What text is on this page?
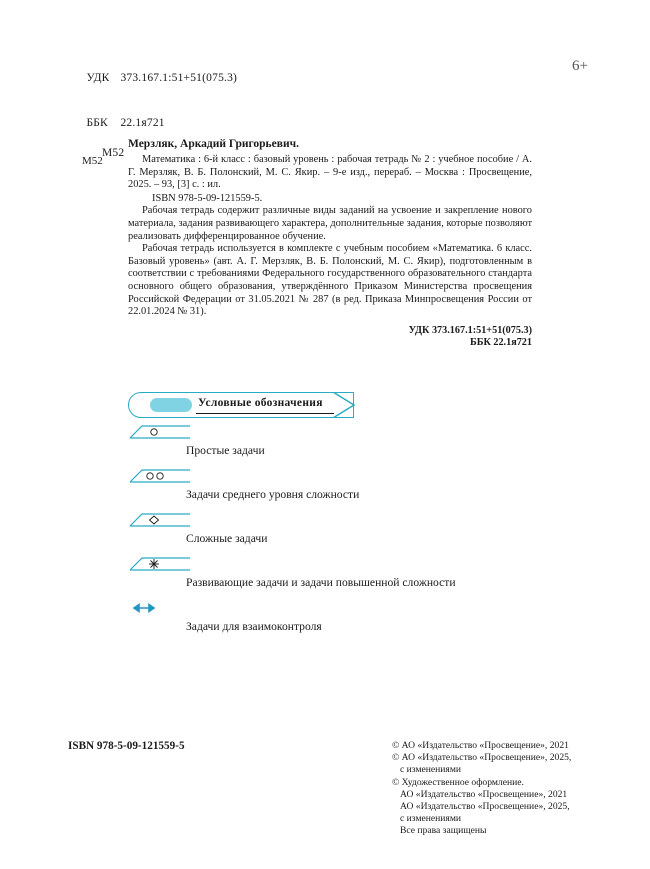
УДК 373.167.1:51+51(075.3)

ББК 22.1я721

М52
6+
М52
Мерзляк, Аркадий Григорьевич.

Математика : 6-й класс : базовый уровень : рабочая тетрадь № 2 : учебное пособие / А. Г. Мерзляк, В. Б. Полонский, М. С. Якир. – 9-е изд., перераб. – Москва : Просвещение, 2025. – 93, [3] с. : ил.

ISBN 978-5-09-121559-5.

Рабочая тетрадь содержит различные виды заданий на усвоение и закрепление нового материала, задания развивающего характера, дополнительные задания, которые позволяют реализовать дифференцированное обучение.

Рабочая тетрадь используется в комплекте с учебным пособием «Математика. 6 класс. Базовый уровень» (авт. А. Г. Мерзляк, В. Б. Полонский, М. С. Якир), подготовленным в соответствии с требованиями Федерального государственного образовательного стандарта основного общего образования, утверждённого Приказом Министерства просвещения Российской Федерации от 31.05.2021 № 287 (в ред. Приказа Минпросвещения России от 22.01.2024 № 31).

УДК 373.167.1:51+51(075.3)
ББК 22.1я721
Условные обозначения
Простые задачи
Задачи среднего уровня сложности
Сложные задачи
Развивающие задачи и задачи повышенной сложности
Задачи для взаимоконтроля
ISBN 978-5-09-121559-5	© АО «Издательство «Просвещение», 2021
© АО «Издательство «Просвещение», 2025,
с изменениями
© Художественное оформление.
АО «Издательство «Просвещение», 2021
АО «Издательство «Просвещение», 2025,
с изменениями
Все права защищены
